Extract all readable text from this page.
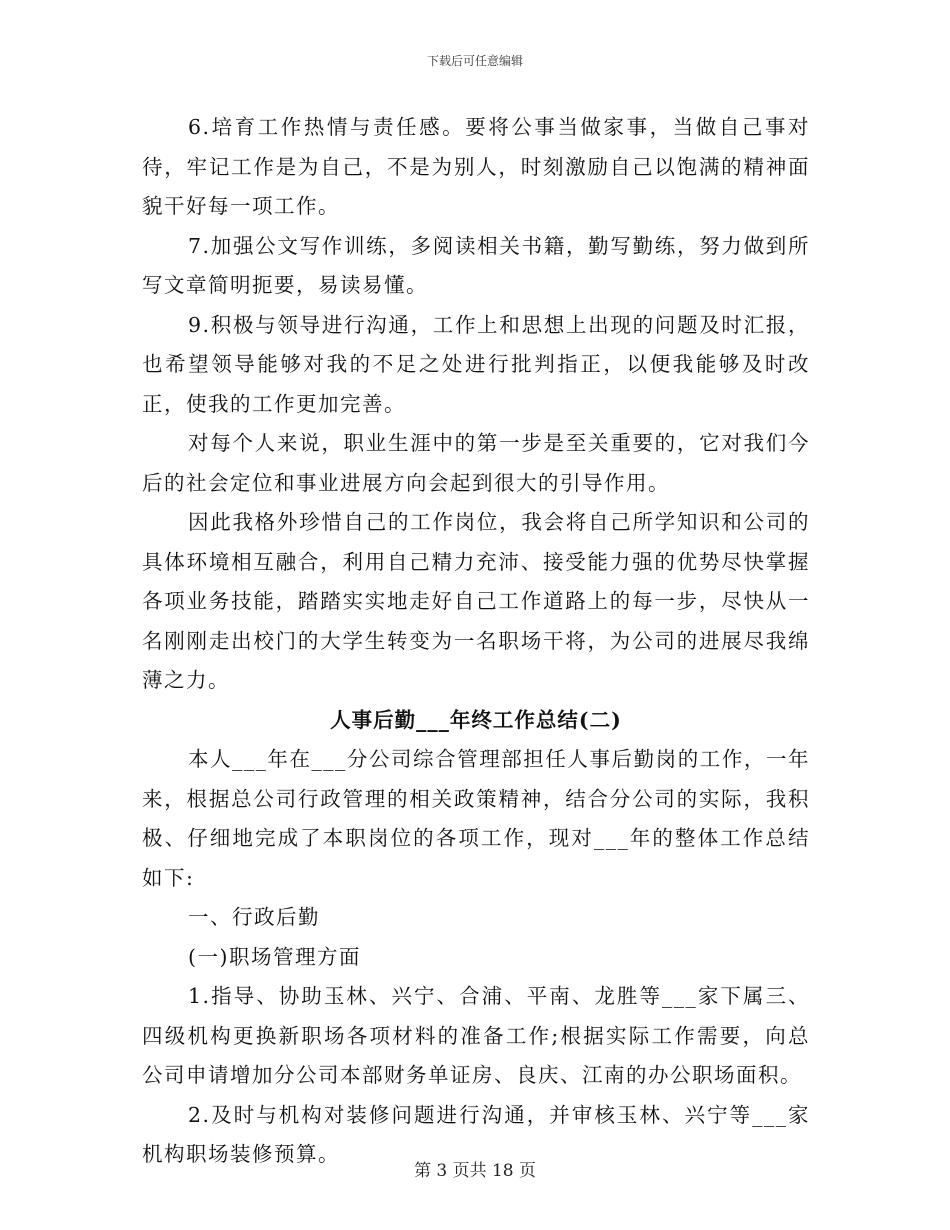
下载后可任意编辑

6.培育工作热情与责任感。要将公事当做家事，当做自己事对待，牢记工作是为自己，不是为别人，时刻激励自己以饱满的精神面貌干好每一项工作。

7.加强公文写作训练，多阅读相关书籍，勤写勤练，努力做到所写文章简明扼要，易读易懂。

9.积极与领导进行沟通，工作上和思想上出现的问题及时汇报，也希望领导能够对我的不足之处进行批判指正，以便我能够及时改正，使我的工作更加完善。

对每个人来说，职业生涯中的第一步是至关重要的，它对我们今后的社会定位和事业进展方向会起到很大的引导作用。

因此我格外珍惜自己的工作岗位，我会将自己所学知识和公司的具体环境相互融合，利用自己精力充沛、接受能力强的优势尽快掌握各项业务技能，踏踏实实地走好自己工作道路上的每一步，尽快从一名刚刚走出校门的大学生转变为一名职场干将，为公司的进展尽我绵薄之力。

人事后勤___年终工作总结(二)

本人___年在___分公司综合管理部担任人事后勤岗的工作，一年来，根据总公司行政管理的相关政策精神，结合分公司的实际，我积极、仔细地完成了本职岗位的各项工作，现对___年的整体工作总结如下:

一、行政后勤

(一)职场管理方面

1.指导、协助玉林、兴宁、合浦、平南、龙胜等___家下属三、四级机构更换新职场各项材料的准备工作;根据实际工作需要，向总公司申请增加分公司本部财务单证房、良庆、江南的办公职场面积。

2.及时与机构对装修问题进行沟通，并审核玉林、兴宁等___家机构职场装修预算。

第 3 页共 18 页
